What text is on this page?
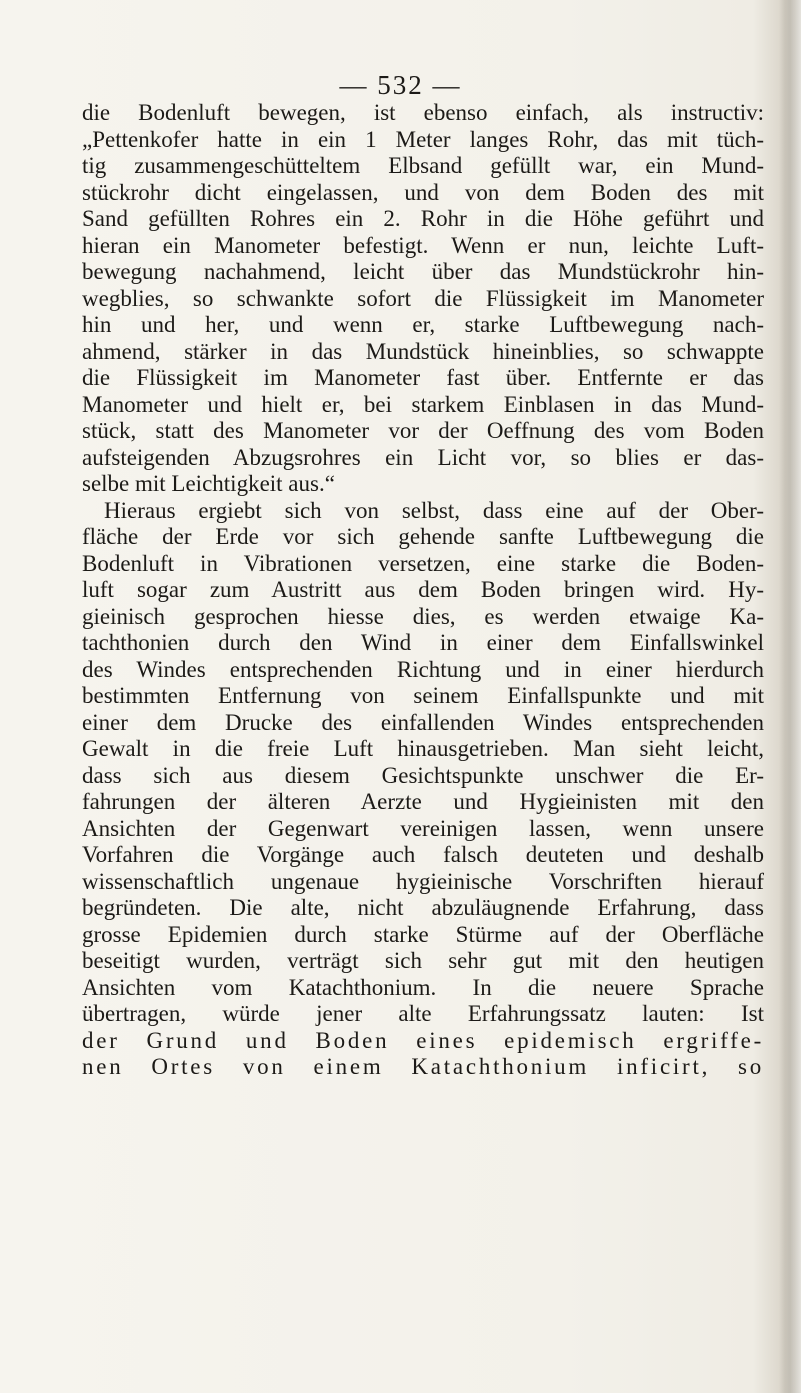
— 532 —
die Bodenluft bewegen, ist ebenso einfach, als instructiv:
„Pettenkofer hatte in ein 1 Meter langes Rohr, das mit tüch-
tig zusammengeschütteltem Elbsand gefüllt war, ein Mund-
stückrohr dicht eingelassen, und von dem Boden des mit
Sand gefüllten Rohres ein 2. Rohr in die Höhe geführt und
hieran ein Manometer befestigt. Wenn er nun, leichte Luft-
bewegung nachahmend, leicht über das Mundstückrohr hin-
wegblies, so schwankte sofort die Flüssigkeit im Manometer
hin und her, und wenn er, starke Luftbewegung nach-
ahmend, stärker in das Mundstück hineinblies, so schwappte
die Flüssigkeit im Manometer fast über. Entfernte er das
Manometer und hielt er, bei starkem Einblasen in das Mund-
stück, statt des Manometer vor der Oeffnung des vom Boden
aufsteigenden Abzugsrohres ein Licht vor, so blies er das-
selbe mit Leichtigkeit aus.“
Hieraus ergiebt sich von selbst, dass eine auf der Ober-
fläche der Erde vor sich gehende sanfte Luftbewegung die
Bodenluft in Vibrationen versetzen, eine starke die Boden-
luft sogar zum Austritt aus dem Boden bringen wird. Hy-
gieinisch gesprochen hiesse dies, es werden etwaige Ka-
tachthonien durch den Wind in einer dem Einfallswinkel
des Windes entsprechenden Richtung und in einer hierdurch
bestimmten Entfernung von seinem Einfallspunkte und mit
einer dem Drucke des einfallenden Windes entsprechenden
Gewalt in die freie Luft hinausgetrieben. Man sieht leicht,
dass sich aus diesem Gesichtspunkte unschwer die Er-
fahrungen der älteren Aerzte und Hygieinisten mit den
Ansichten der Gegenwart vereinigen lassen, wenn unsere
Vorfahren die Vorgänge auch falsch deuteten und deshalb
wissenschaftlich ungenaue hygieinische Vorschriften hierauf
begründeten. Die alte, nicht abzuläugnende Erfahrung, dass
grosse Epidemien durch starke Stürme auf der Oberfläche
beseitigt wurden, verträgt sich sehr gut mit den heutigen
Ansichten vom Katachthonium. In die neuere Sprache
übertragen, würde jener alte Erfahrungssatz lauten: Ist
der Grund und Boden eines epidemisch ergriffe-
nen Ortes von einem Katachthonium inficirt, so
